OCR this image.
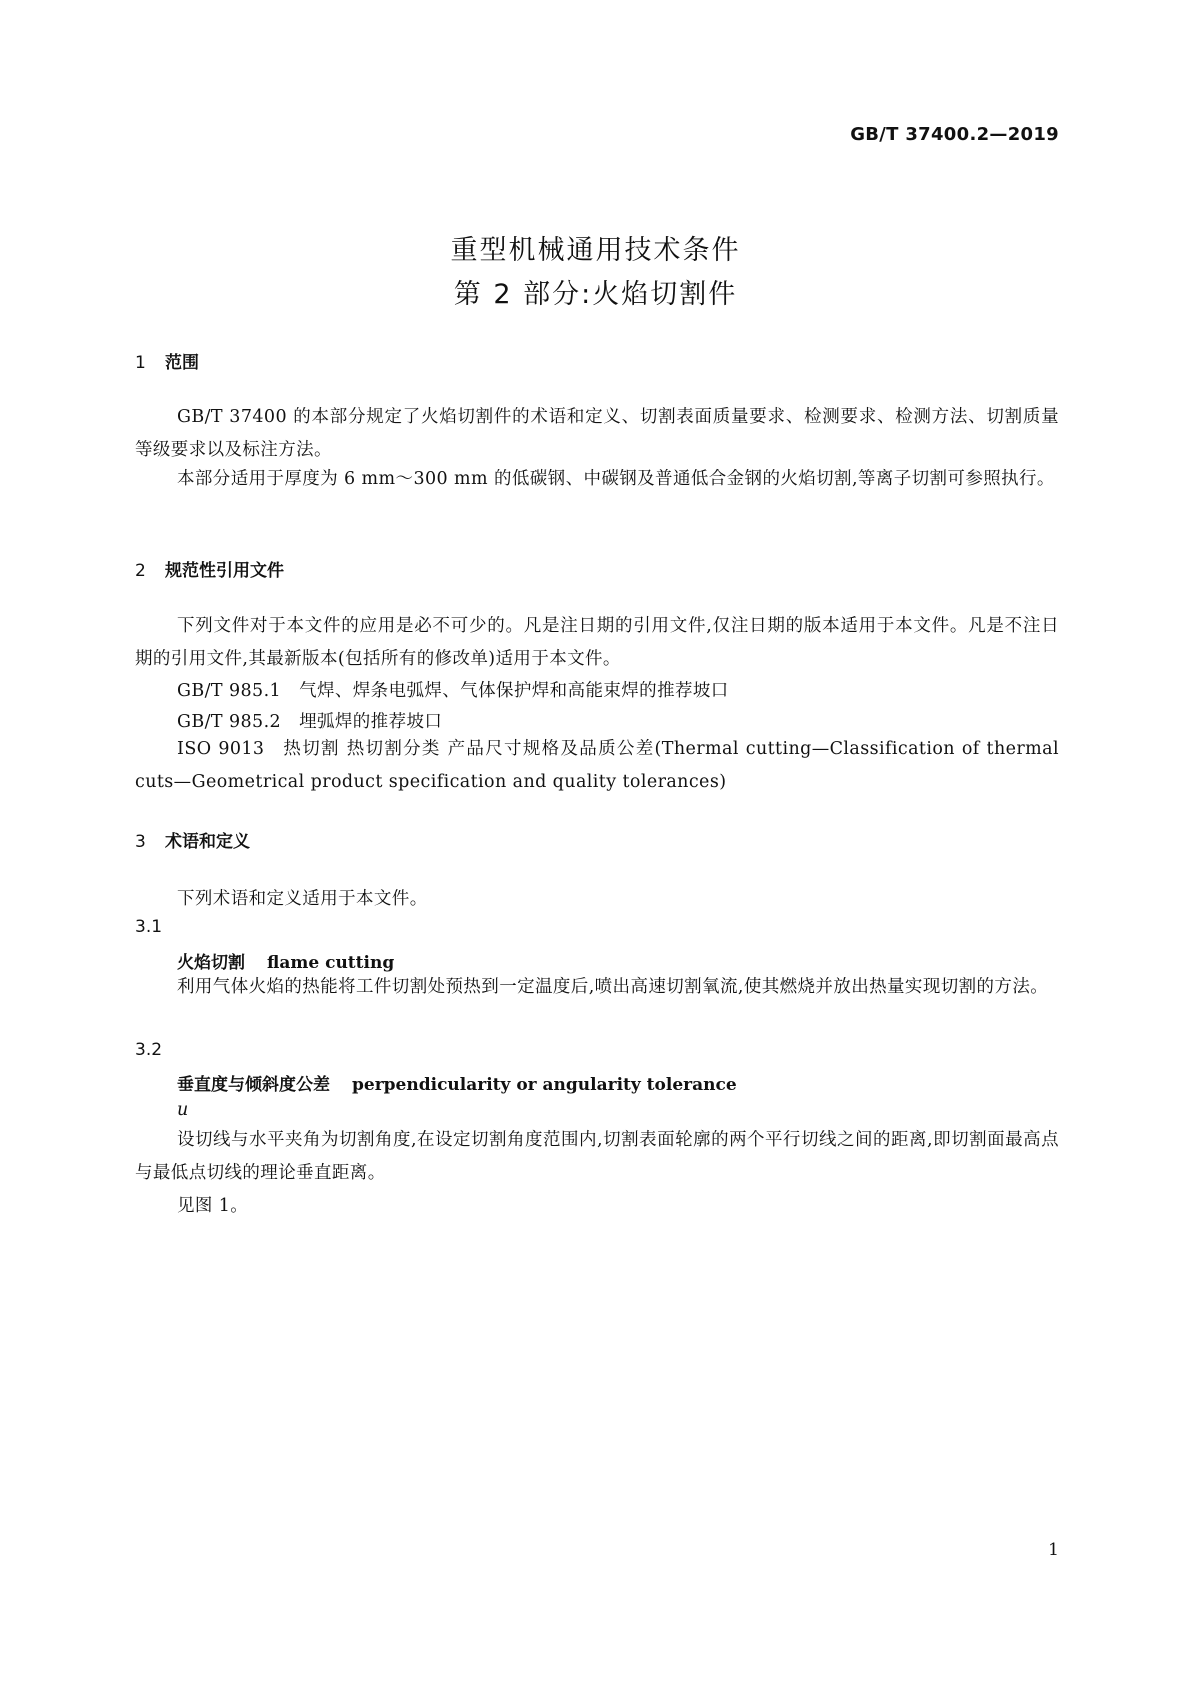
GB/T 37400.2—2019
重型机械通用技术条件
第 2 部分:火焰切割件
1 范围
GB/T 37400 的本部分规定了火焰切割件的术语和定义、切割表面质量要求、检测要求、检测方法、切割质量等级要求以及标注方法。
本部分适用于厚度为 6 mm～300 mm 的低碳钢、中碳钢及普通低合金钢的火焰切割,等离子切割可参照执行。
2 规范性引用文件
下列文件对于本文件的应用是必不可少的。凡是注日期的引用文件,仅注日期的版本适用于本文件。凡是不注日期的引用文件,其最新版本(包括所有的修改单)适用于本文件。
GB/T 985.1 气焊、焊条电弧焊、气体保护焊和高能束焊的推荐坡口
GB/T 985.2 埋弧焊的推荐坡口
ISO 9013 热切割 热切割分类 产品尺寸规格及品质公差(Thermal cutting—Classification of thermal cuts—Geometrical product specification and quality tolerances)
3 术语和定义
下列术语和定义适用于本文件。
3.1
火焰切割 flame cutting
利用气体火焰的热能将工件切割处预热到一定温度后,喷出高速切割氧流,使其燃烧并放出热量实现切割的方法。
3.2
垂直度与倾斜度公差 perpendicularity or angularity tolerance
u
设切线与水平夹角为切割角度,在设定切割角度范围内,切割表面轮廓的两个平行切线之间的距离,即切割面最高点与最低点切线的理论垂直距离。
见图 1。
1
